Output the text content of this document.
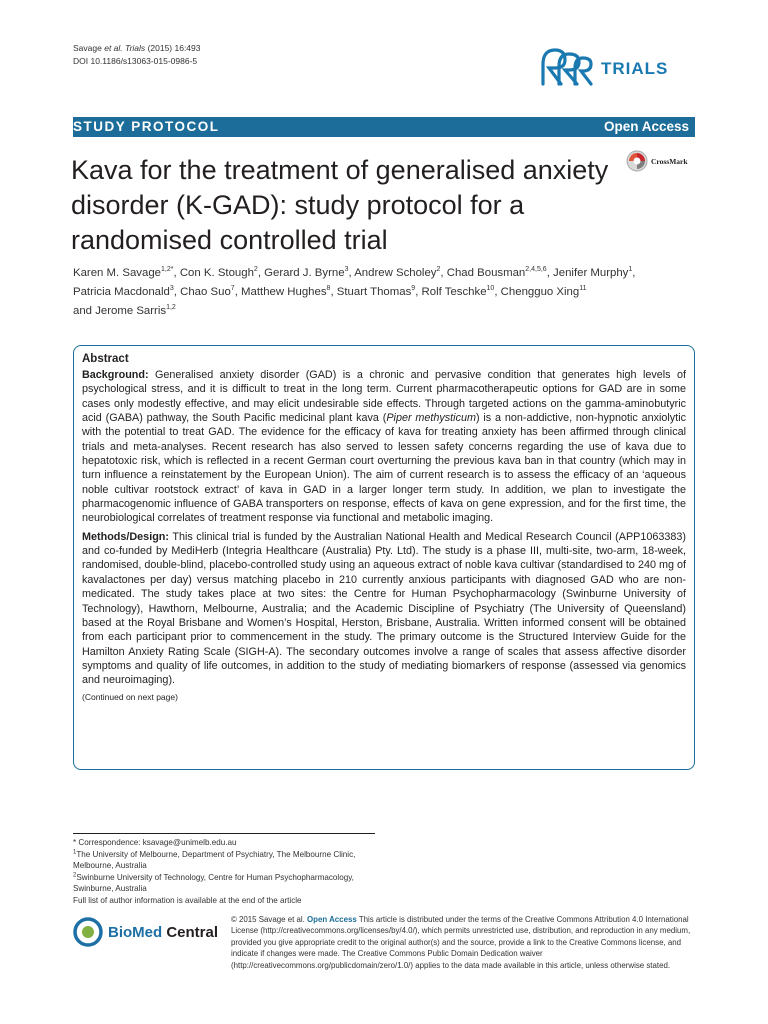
Savage et al. Trials (2015) 16:493
DOI 10.1186/s13063-015-0986-5	TRIALS
STUDY PROTOCOL	Open Access
CrossMark
Kava for the treatment of generalised anxiety disorder (K-GAD): study protocol for a randomised controlled trial
Karen M. Savage$^{1,2*}$, Con K. Stough$^2$, Gerard J. Byrne$^3$, Andrew Scholey$^2$, Chad Bousman$^{2,4,5,6}$, Jenifer Murphy$^1$,
Patricia Macdonald$^3$, Chao Suo$^7$, Matthew Hughes$^8$, Stuart Thomas$^9$, Rolf Teschke$^{10}$, Chengguo Xing$^{11}$
and Jerome Sarris$^{1,2}$
Abstract

Background: Generalised anxiety disorder (GAD) is a chronic and pervasive condition that generates high levels of psychological stress, and it is difficult to treat in the long term. Current pharmacotherapeutic options for GAD are in some cases only modestly effective, and may elicit undesirable side effects. Through targeted actions on the gamma-aminobutyric acid (GABA) pathway, the South Pacific medicinal plant kava (Piper methysticum) is a non-addictive, non-hypnotic anxiolytic with the potential to treat GAD. The evidence for the efficacy of kava for treating anxiety has been affirmed through clinical trials and meta-analyses. Recent research has also served to lessen safety concerns regarding the use of kava due to hepatotoxic risk, which is reflected in a recent German court overturning the previous kava ban in that country (which may in turn influence a reinstatement by the European Union). The aim of current research is to assess the efficacy of an ‘aqueous noble cultivar rootstock extract’ of kava in GAD in a larger longer term study. In addition, we plan to investigate the pharmacogenomic influence of GABA transporters on response, effects of kava on gene expression, and for the first time, the neurobiological correlates of treatment response via functional and metabolic imaging.

Methods/Design: This clinical trial is funded by the Australian National Health and Medical Research Council (APP1063383) and co-funded by MediHerb (Integria Healthcare (Australia) Pty. Ltd). The study is a phase III, multi-site, two-arm, 18-week, randomised, double-blind, placebo-controlled study using an aqueous extract of noble kava cultivar (standardised to 240 mg of kavalactones per day) versus matching placebo in 210 currently anxious participants with diagnosed GAD who are non-medicated. The study takes place at two sites: the Centre for Human Psychopharmacology (Swinburne University of Technology), Hawthorn, Melbourne, Australia; and the Academic Discipline of Psychiatry (The University of Queensland) based at the Royal Brisbane and Women’s Hospital, Herston, Brisbane, Australia. Written informed consent will be obtained from each participant prior to commencement in the study. The primary outcome is the Structured Interview Guide for the Hamilton Anxiety Rating Scale (SIGH-A). The secondary outcomes involve a range of scales that assess affective disorder symptoms and quality of life outcomes, in addition to the study of mediating biomarkers of response (assessed via genomics and neuroimaging).

(Continued on next page)
* Correspondence: ksavage@unimelb.edu.au
$^1$The University of Melbourne, Department of Psychiatry, The Melbourne Clinic, Melbourne, Australia
$^2$Swinburne University of Technology, Centre for Human Psychopharmacology, Swinburne, Australia
Full list of author information is available at the end of the article
BioMed Central
© 2015 Savage et al. Open Access This article is distributed under the terms of the Creative Commons Attribution 4.0 International License (http://creativecommons.org/licenses/by/4.0/), which permits unrestricted use, distribution, and reproduction in any medium, provided you give appropriate credit to the original author(s) and the source, provide a link to the Creative Commons license, and indicate if changes were made. The Creative Commons Public Domain Dedication waiver (http://creativecommons.org/publicdomain/zero/1.0/) applies to the data made available in this article, unless otherwise stated.
